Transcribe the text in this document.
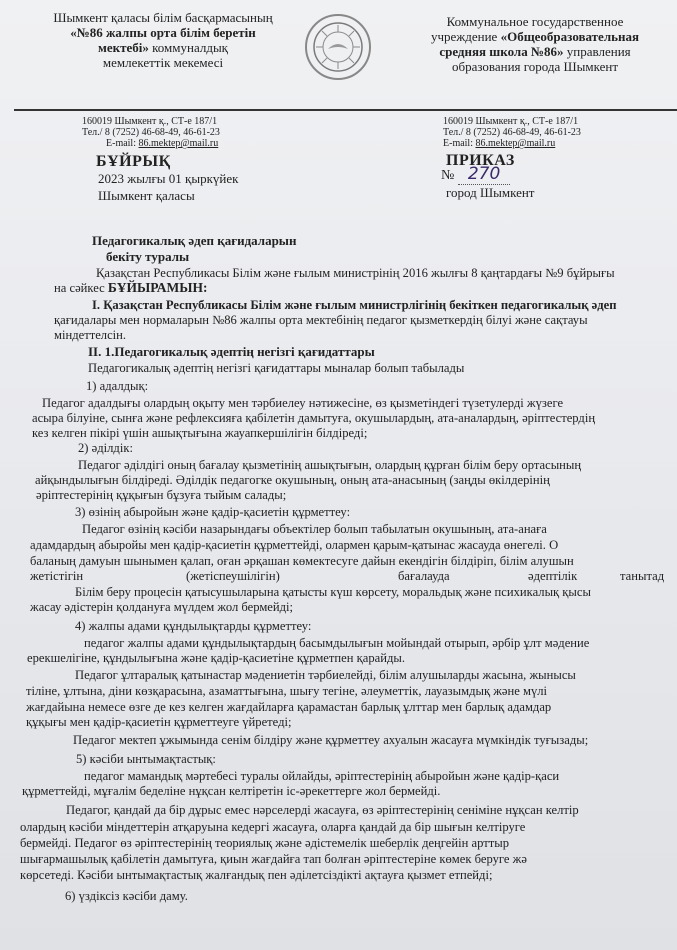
Шымкент қаласы білім басқармасының
«№86 жалпы орта білім беретін
мектебі» коммуналдық
мемлекеттік мекемесі
Коммунальное государственное
учреждение «Общеобразовательная
средняя школа №86» управления
образования города Шымкент
160019 Шымкент қ., СТ-е 187/1
Тел./ 8 (7252) 46-68-49, 46-61-23
E-mail: 86.mektep@mail.ru
160019 Шымкент қ., СТ-е 187/1
Тел./ 8 (7252) 46-68-49, 46-61-23
E-mail: 86.mektep@mail.ru
БҰЙРЫҚ	ПРИКАЗ
2023 жылғы 01 қыркүйек	№ 270
Шымкент қаласы	город Шымкент
Педагогикалық әдеп қағидаларын
бекіту туралы
Қазақстан Республикасы Білім және ғылым министрінің 2016 жылғы 8 қаңтардағы №9 бұйрығы
на сәйкес БҰЙЫРАМЫН:
I. Қазақстан Республикасы Білім және ғылым министрлігінің бекіткен педагогикалық әдеп
қағидалары мен нормаларын №86 жалпы орта мектебінің педагог қызметкердің білуі және сақтауы
міндеттелсін.
II. 1.Педагогикалық әдептің негізгі қағидаттары
Педагогикалық әдептің негізгі қағидаттары мыналар болып табылады
1) адалдық:
Педагог адалдығы олардың оқыту мен тәрбиелеу нәтижесіне, өз қызметіндегі түзетулерді жүзеге
асыра білуіне, сынға және рефлексияға қабілетін дамытуға, окушылардың, ата-аналардың, әріптестердің
кез келген пікірі үшін ашықтығына жауапкершілігін білдіреді;
2) әділдік:
Педагог әділдігі оның бағалау қызметінің ашықтығын, олардың құрған білім беру ортасының
айқындылығын білдіреді. Әділдік педагогке окушының, оның ата-анасының (заңды өкілдерінің
әріптестерінің құқығын бұзуға тыйым салады;
3) өзінің абыройын және қадір-қасиетін құрметтеу:
Педагог өзінің кәсіби назарындағы объектілер болып табылатын окушының, ата-анаға
адамдардың абыройы мен қадір-қасиетін құрметтейді, олармен қарым-қатынас жасауда өнегелі. О
баланың дамуын шынымен қалап, оған әрқашан көмектесуге дайын екендігін білдіріп, білім алушын
жетістігін	(жетіспеушілігін)	бағалауда	әдептілік	танытад
Білім беру процесін қатысушыларына қатысты күш көрсету, моральдық және психикалық қысы
жасау әдістерін қолдануға мүлдем жол бермейді;
4) жалпы адами құндылықтарды құрметтеу:
педагог жалпы адами құндылықтардың басымдылығын мойындай отырып, әрбір ұлт мәдение
ерекшелігіне, құндылығына және қадір-қасиетіне құрметпен қарайды.
Педагог ұлтаралық қатынастар мәдениетін тәрбиелейді, білім алушыларды жасына, жынысы
тіліне, ұлтына, діни көзқарасына, азаматтығына, шығу тегіне, әлеуметтік, лауазымдық және мүлі
жағдайына немесе өзге де кез келген жағдайларға қарамастан барлық ұлттар мен барлық адамдар
құқығы мен қадір-қасиетін құрметтеуге үйретеді;
Педагог мектеп ұжымында сенім білдіру және құрметтеу ахуалын жасауға мүмкіндік туғызады;
5) кәсіби ынтымақтастық:
педагог мамандық мәртебесі туралы ойлайды, әріптестерінің абыройын және қадір-қаси
құрметтейді, мұғалім беделіне нұқсан келтіретін іс-әрекеттерге жол бермейді.
Педагог, қандай да бір дұрыс емес нәрселерді жасауға, өз әріптестерінің сеніміне нұқсан келтір
олардың кәсіби міндеттерін атқаруына кедергі жасауға, оларға қандай да бір шығын келтіруге
бермейді. Педагог өз әріптестерінің теориялық және әдістемелік шеберлік деңгейін арттыр
шығармашылық қабілетін дамытуға, қиын жағдайға тап болған әріптестеріне көмек беруге жә
көрсетеді. Кәсіби ынтымақтастық жалғандық пен әділетсіздікті ақтауға қызмет етпейді;
6) үздіксіз кәсіби даму.
